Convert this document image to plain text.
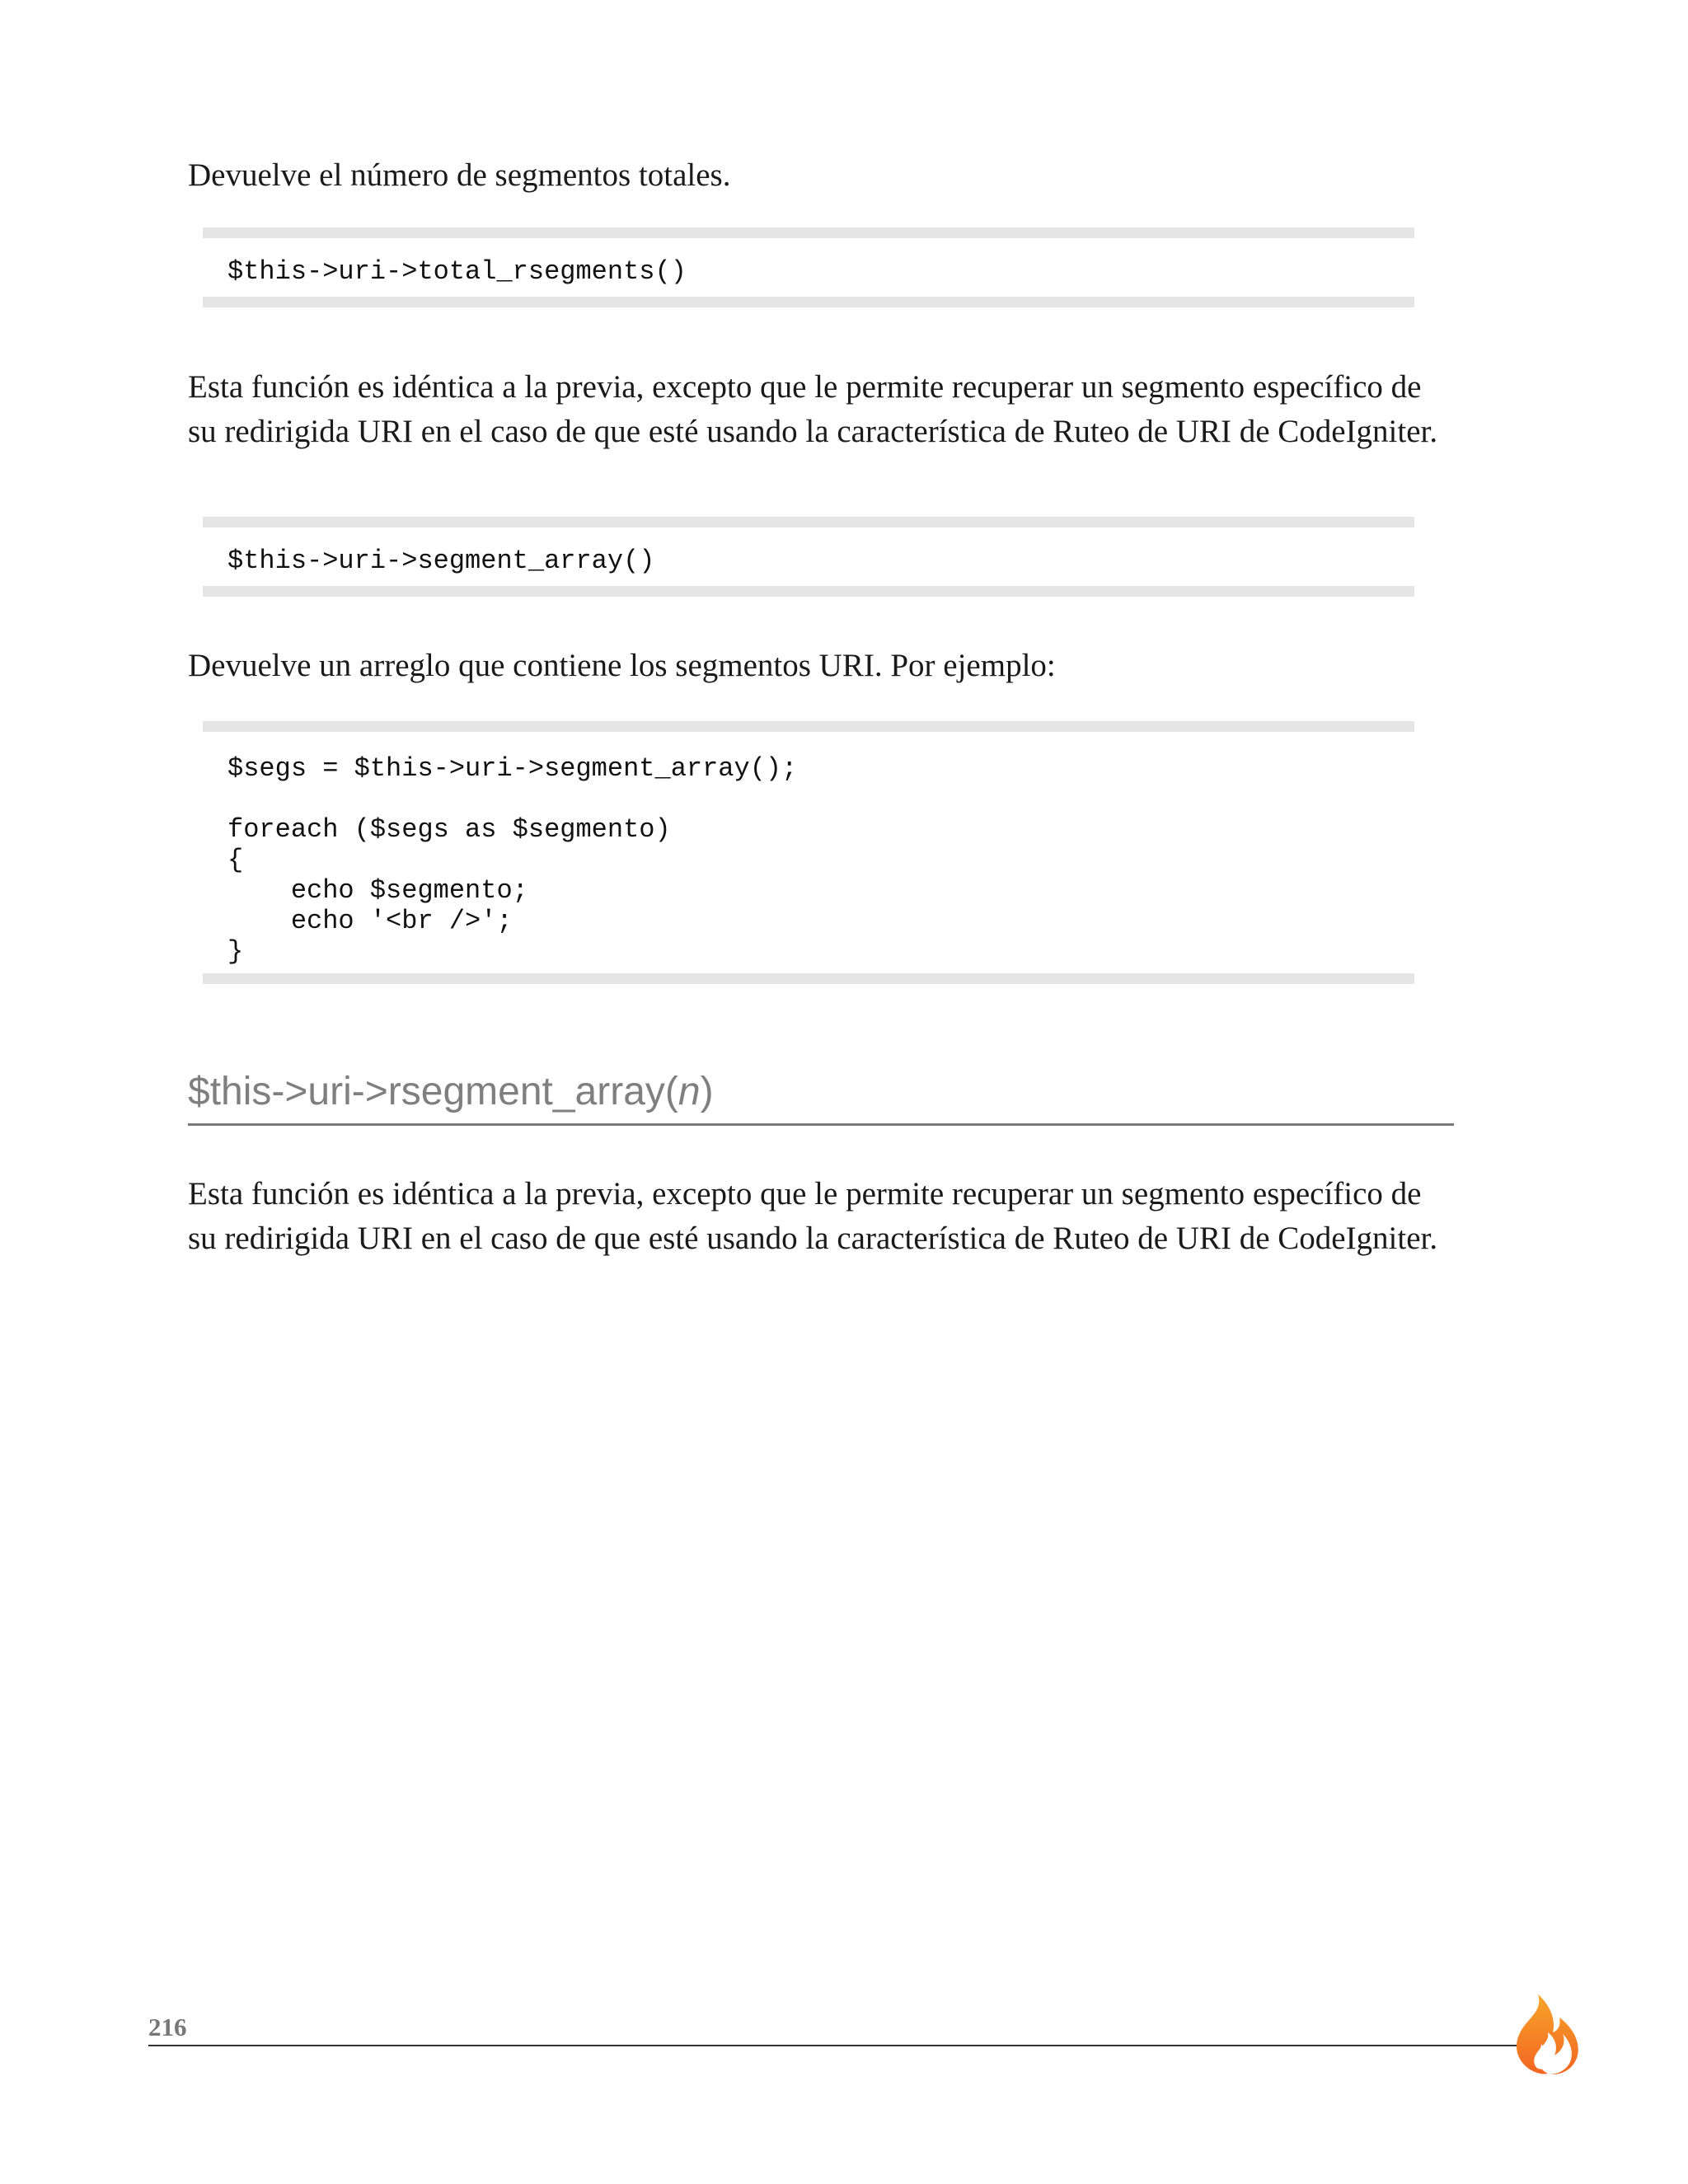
Devuelve el número de segmentos totales.

$this->uri->total_rsegments()

Esta función es idéntica a la previa, excepto que le permite recuperar un segmento específico de su redirigida URI en el caso de que esté usando la característica de Ruteo de URI de CodeIgniter.

$this->uri->segment_array()

Devuelve un arreglo que contiene los segmentos URI. Por ejemplo:

$segs = $this->uri->segment_array();

foreach ($segs as $segmento)
{
echo $segmento;
echo '<br />';
}
$this->uri->rsegment_array(n)

Esta función es idéntica a la previa, excepto que le permite recuperar un segmento específico de su redirigida URI en el caso de que esté usando la característica de Ruteo de URI de CodeIgniter.

216
